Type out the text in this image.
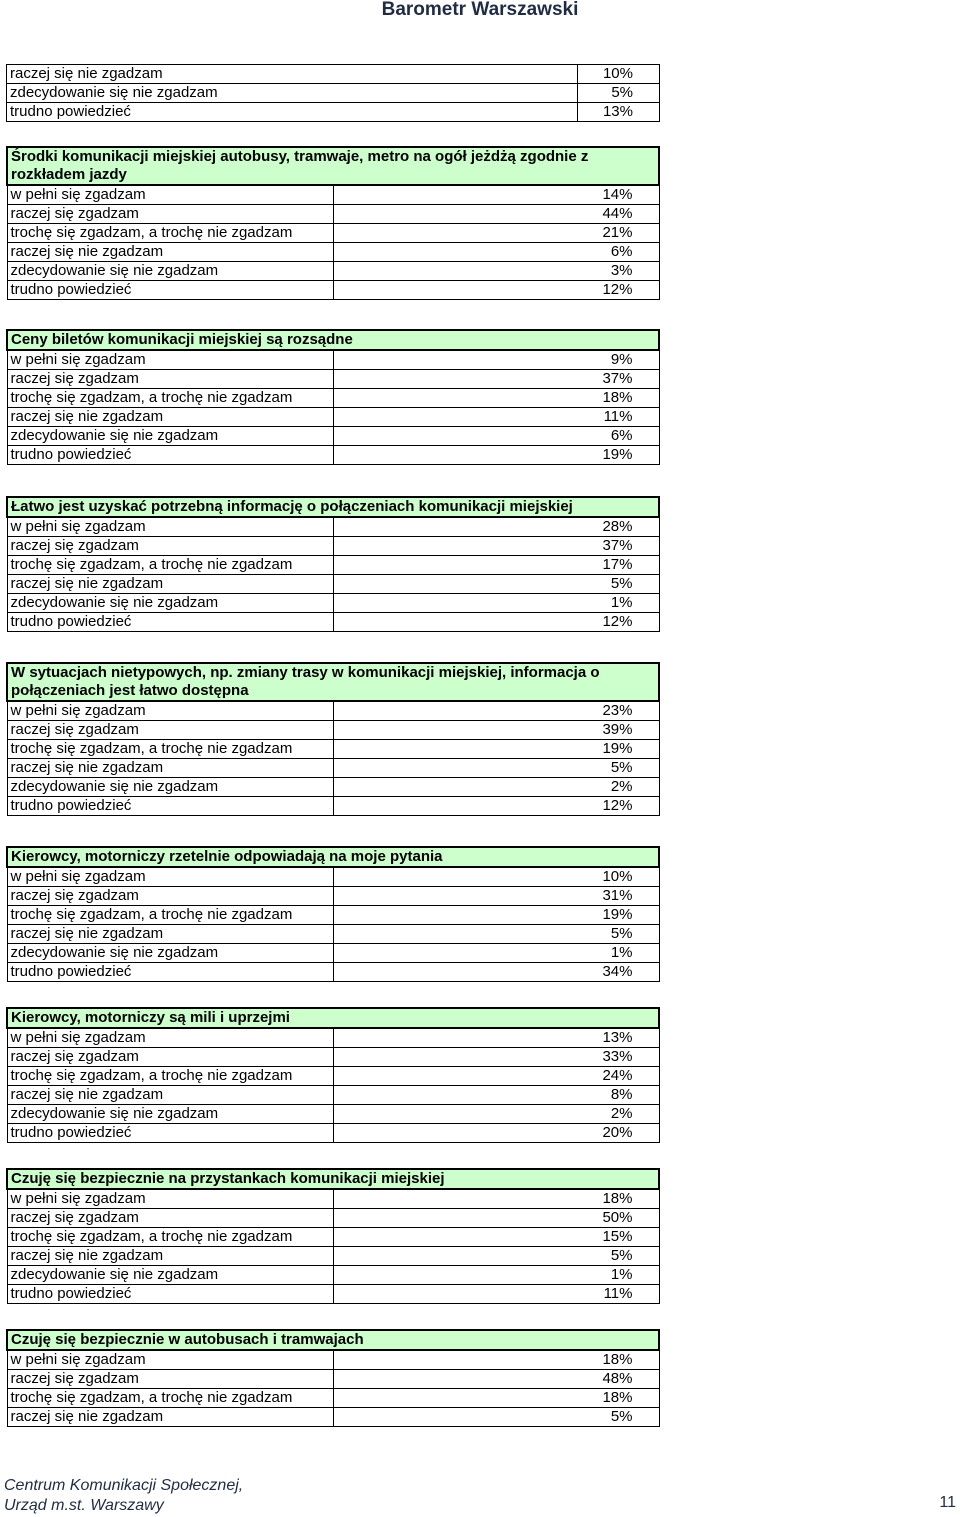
Barometr Warszawski
raczej się nie zgadzam	10%
zdecydowanie się nie zgadzam	5%
trudno powiedzieć	13%
Środki komunikacji miejskiej autobusy, tramwaje, metro na ogół jeżdżą zgodnie z rozkładem jazdy	
w pełni się zgadzam	14%
raczej się zgadzam	44%
trochę się zgadzam, a trochę nie zgadzam	21%
raczej się nie zgadzam	6%
zdecydowanie się nie zgadzam	3%
trudno powiedzieć	12%
Ceny biletów komunikacji miejskiej są rozsądne	
w pełni się zgadzam	9%
raczej się zgadzam	37%
trochę się zgadzam, a trochę nie zgadzam	18%
raczej się nie zgadzam	11%
zdecydowanie się nie zgadzam	6%
trudno powiedzieć	19%
Łatwo jest uzyskać potrzebną informację o połączeniach komunikacji miejskiej	
w pełni się zgadzam	28%
raczej się zgadzam	37%
trochę się zgadzam, a trochę nie zgadzam	17%
raczej się nie zgadzam	5%
zdecydowanie się nie zgadzam	1%
trudno powiedzieć	12%
W sytuacjach nietypowych, np. zmiany trasy w komunikacji miejskiej, informacja o połączeniach jest łatwo dostępna	
w pełni się zgadzam	23%
raczej się zgadzam	39%
trochę się zgadzam, a trochę nie zgadzam	19%
raczej się nie zgadzam	5%
zdecydowanie się nie zgadzam	2%
trudno powiedzieć	12%
Kierowcy, motorniczy rzetelnie odpowiadają na moje pytania	
w pełni się zgadzam	10%
raczej się zgadzam	31%
trochę się zgadzam, a trochę nie zgadzam	19%
raczej się nie zgadzam	5%
zdecydowanie się nie zgadzam	1%
trudno powiedzieć	34%
Kierowcy, motorniczy są mili i uprzejmi	
w pełni się zgadzam	13%
raczej się zgadzam	33%
trochę się zgadzam, a trochę nie zgadzam	24%
raczej się nie zgadzam	8%
zdecydowanie się nie zgadzam	2%
trudno powiedzieć	20%
Czuję się bezpiecznie na przystankach komunikacji miejskiej	
w pełni się zgadzam	18%
raczej się zgadzam	50%
trochę się zgadzam, a trochę nie zgadzam	15%
raczej się nie zgadzam	5%
zdecydowanie się nie zgadzam	1%
trudno powiedzieć	11%
Czuję się bezpiecznie w autobusach i tramwajach	
w pełni się zgadzam	18%
raczej się zgadzam	48%
trochę się zgadzam, a trochę nie zgadzam	18%
raczej się nie zgadzam	5%
Centrum Komunikacji Społecznej,
Urząd m.st. Warszawy	11
